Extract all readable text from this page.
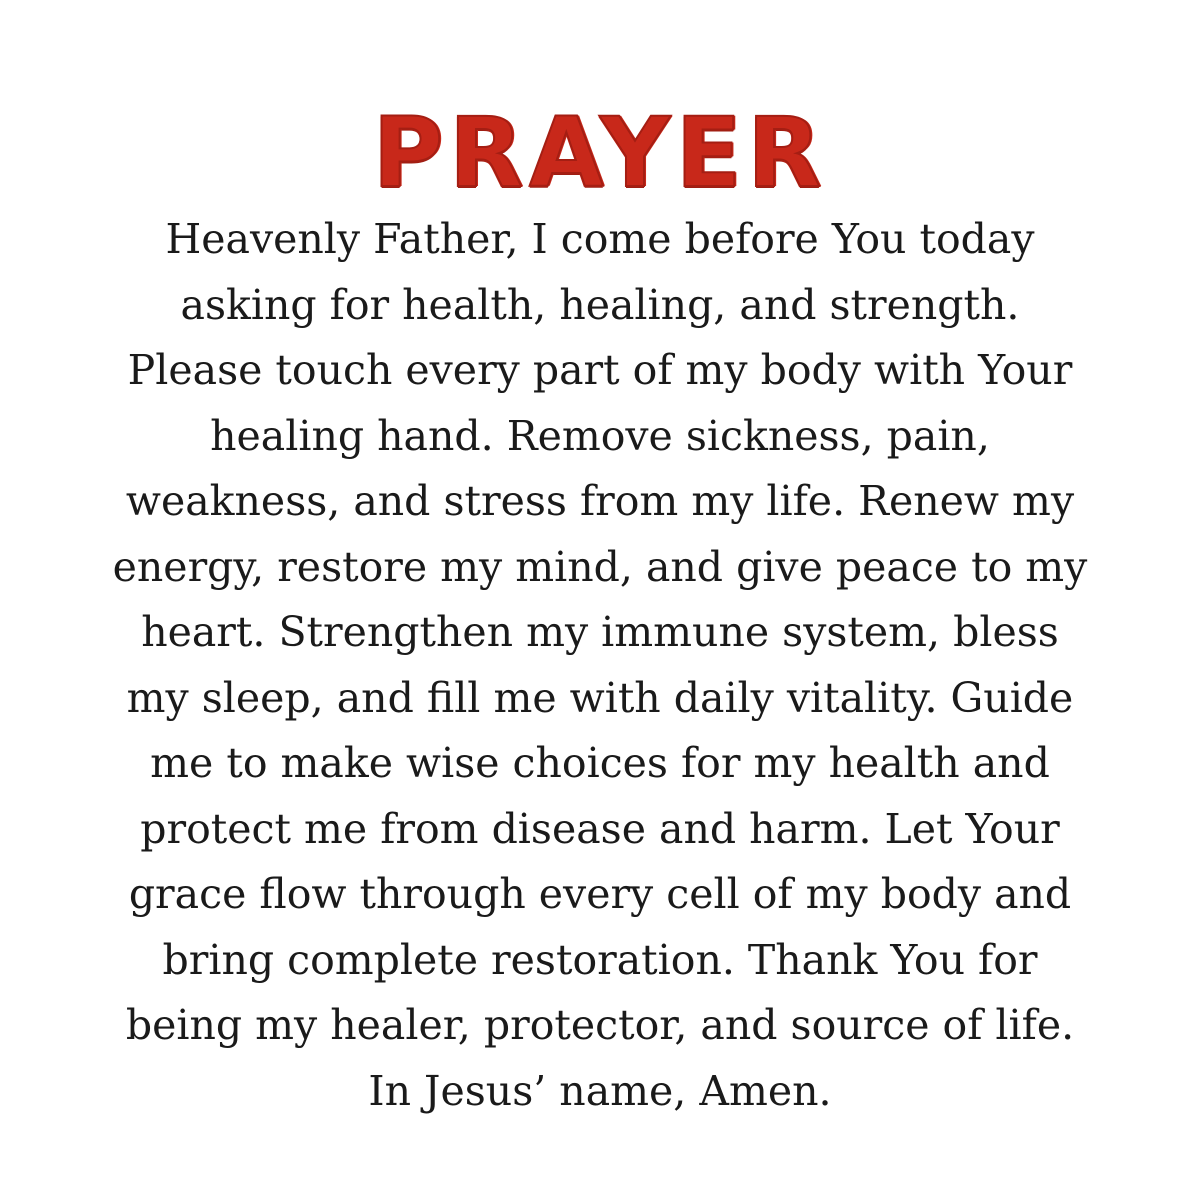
PRAYER

Heavenly Father, I come before You today
asking for health, healing, and strength.
Please touch every part of my body with Your
healing hand. Remove sickness, pain,
weakness, and stress from my life. Renew my
energy, restore my mind, and give peace to my
heart. Strengthen my immune system, bless
my sleep, and fill me with daily vitality. Guide
me to make wise choices for my health and
protect me from disease and harm. Let Your
grace flow through every cell of my body and
bring complete restoration. Thank You for
being my healer, protector, and source of life.
In Jesus’ name, Amen.
